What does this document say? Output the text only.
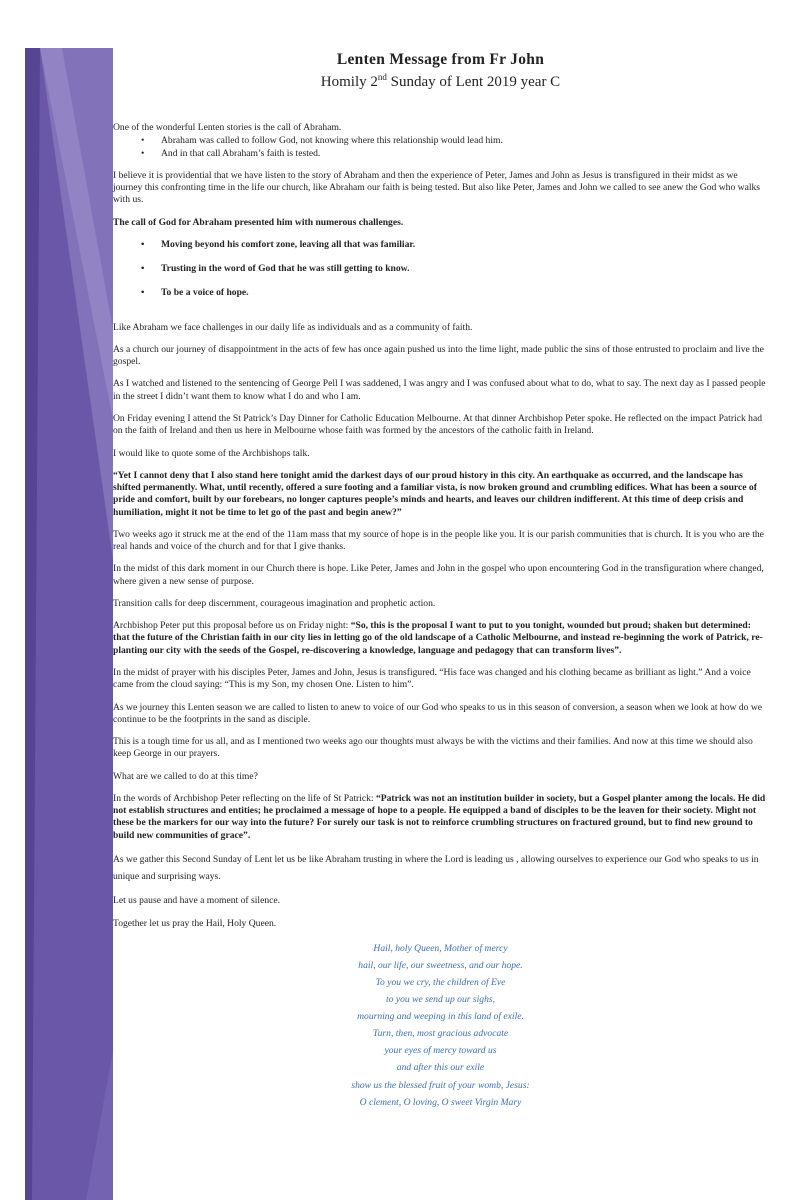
Lenten Message from Fr John
Homily 2nd Sunday of Lent 2019 year C

One of the wonderful Lenten stories is the call of Abraham.

• Abraham was called to follow God, not knowing where this relationship would lead him.
• And in that call Abraham’s faith is tested.

I believe it is providential that we have listen to the story of Abraham and then the experience of Peter, James and John as Jesus is transfigured in their midst as we journey this confronting time in the life our church, like Abraham our faith is being tested. But also like Peter, James and John we called to see anew the God who walks with us.

The call of God for Abraham presented him with numerous challenges.

• Moving beyond his comfort zone, leaving all that was familiar.
• Trusting in the word of God that he was still getting to know.
• To be a voice of hope.

Like Abraham we face challenges in our daily life as individuals and as a community of faith.

As a church our journey of disappointment in the acts of few has once again pushed us into the lime light, made public the sins of those entrusted to proclaim and live the gospel.

As I watched and listened to the sentencing of George Pell I was saddened, I was angry and I was confused about what to do, what to say. The next day as I passed people in the street I didn’t want them to know what I do and who I am.

On Friday evening I attend the St Patrick’s Day Dinner for Catholic Education Melbourne. At that dinner Archbishop Peter spoke. He reflected on the impact Patrick had on the faith of Ireland and then us here in Melbourne whose faith was formed by the ancestors of the catholic faith in Ireland.

I would like to quote some of the Archbishops talk.

“Yet I cannot deny that I also stand here tonight amid the darkest days of our proud history in this city. An earthquake as occurred, and the landscape has shifted permanently. What, until recently, offered a sure footing and a familiar vista, is now broken ground and crumbling edifices. What has been a source of pride and comfort, built by our forebears, no longer captures people’s minds and hearts, and leaves our children indifferent. At this time of deep crisis and humiliation, might it not be time to let go of the past and begin anew?”

Two weeks ago it struck me at the end of the 11am mass that my source of hope is in the people like you. It is our parish communities that is church. It is you who are the real hands and voice of the church and for that I give thanks.

In the midst of this dark moment in our Church there is hope. Like Peter, James and John in the gospel who upon encountering God in the transfiguration where changed, where given a new sense of purpose.

Transition calls for deep discernment, courageous imagination and prophetic action.

Archbishop Peter put this proposal before us on Friday night: “So, this is the proposal I want to put to you tonight, wounded but proud; shaken but determined: that the future of the Christian faith in our city lies in letting go of the old landscape of a Catholic Melbourne, and instead re-beginning the work of Patrick, re-planting our city with the seeds of the Gospel, re-discovering a knowledge, language and pedagogy that can transform lives”.

In the midst of prayer with his disciples Peter, James and John, Jesus is transfigured. “His face was changed and his clothing became as brilliant as light.” And a voice came from the cloud saying: “This is my Son, my chosen One. Listen to him”.

As we journey this Lenten season we are called to listen to anew to voice of our God who speaks to us in this season of conversion, a season when we look at how do we continue to be the footprints in the sand as disciple.

This is a tough time for us all, and as I mentioned two weeks ago our thoughts must always be with the victims and their families. And now at this time we should also keep George in our prayers.

What are we called to do at this time?

In the words of Archbishop Peter reflecting on the life of St Patrick: “Patrick was not an institution builder in society, but a Gospel planter among the locals. He did not establish structures and entities; he proclaimed a message of hope to a people. He equipped a band of disciples to be the leaven for their society. Might not these be the markers for our way into the future? For surely our task is not to reinforce crumbling structures on fractured ground, but to find new ground to build new communities of grace”.

As we gather this Second Sunday of Lent let us be like Abraham trusting in where the Lord is leading us , allowing ourselves to experience our God who speaks to us in unique and surprising ways.

Let us pause and have a moment of silence.

Together let us pray the Hail, Holy Queen.

Hail, holy Queen, Mother of mercy
hail, our life, our sweetness, and our hope.
To you we cry, the children of Eve
to you we send up our sighs,
mourning and weeping in this land of exile.
Turn, then, most gracious advocate
your eyes of mercy toward us
and after this our exile
show us the blessed fruit of your womb, Jesus:
O clement, O loving, O sweet Virgin Mary
